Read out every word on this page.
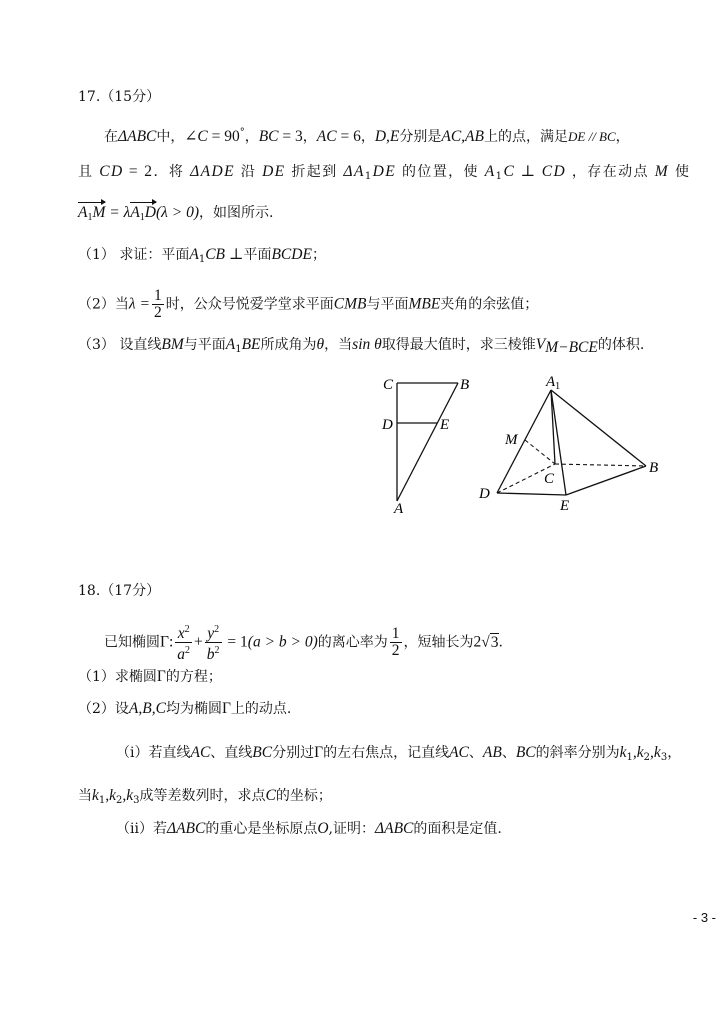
17.（15分）
在ΔABC中，∠C = 90°，BC = 3，AC = 6，D,E分别是AC,AB上的点，满足DE // BC，
且 CD = 2．将 ΔADE 沿 DE 折起到 $\Delta A_1DE$ 的位置，使 $A_1C$ ⊥ CD ，存在动点 M 使
$A_1M = \lambda A_1D(\lambda > 0)$，如图所示.
（1） 求证：平面$A_1CB$ ⊥平面BCDE；
（2）当$\lambda = \frac{1}{2}$ 时，公众号悦爱学堂求平面CMB与平面MBE夹角的余弦值；
（3） 设直线BM与平面$A_1BE$所成角为θ，当sin θ取得最大值时，求三棱锥$V_{M-BCE}$的体积.
C	B
D	E
A
$A_1$
M
C
B
D
E
18.（17分）
已知椭圆Γ: $\frac{x^2}{a^2} + \frac{y^2}{b^2} = 1(a > b > 0)$的离心率为 $\frac{1}{2}$ ，短轴长为2√3.
（1）求椭圆Γ的方程；
（2）设A,B,C均为椭圆Γ上的动点.
（i）若直线AC、直线BC分别过Γ的左右焦点，记直线AC、AB、BC的斜率分别为$k_1,k_2,k_3$，
当$k_1,k_2,k_3$成等差数列时，求点C的坐标；
（ii）若ΔABC的重心是坐标原点O,证明：ΔABC的面积是定值.
- 3 -
